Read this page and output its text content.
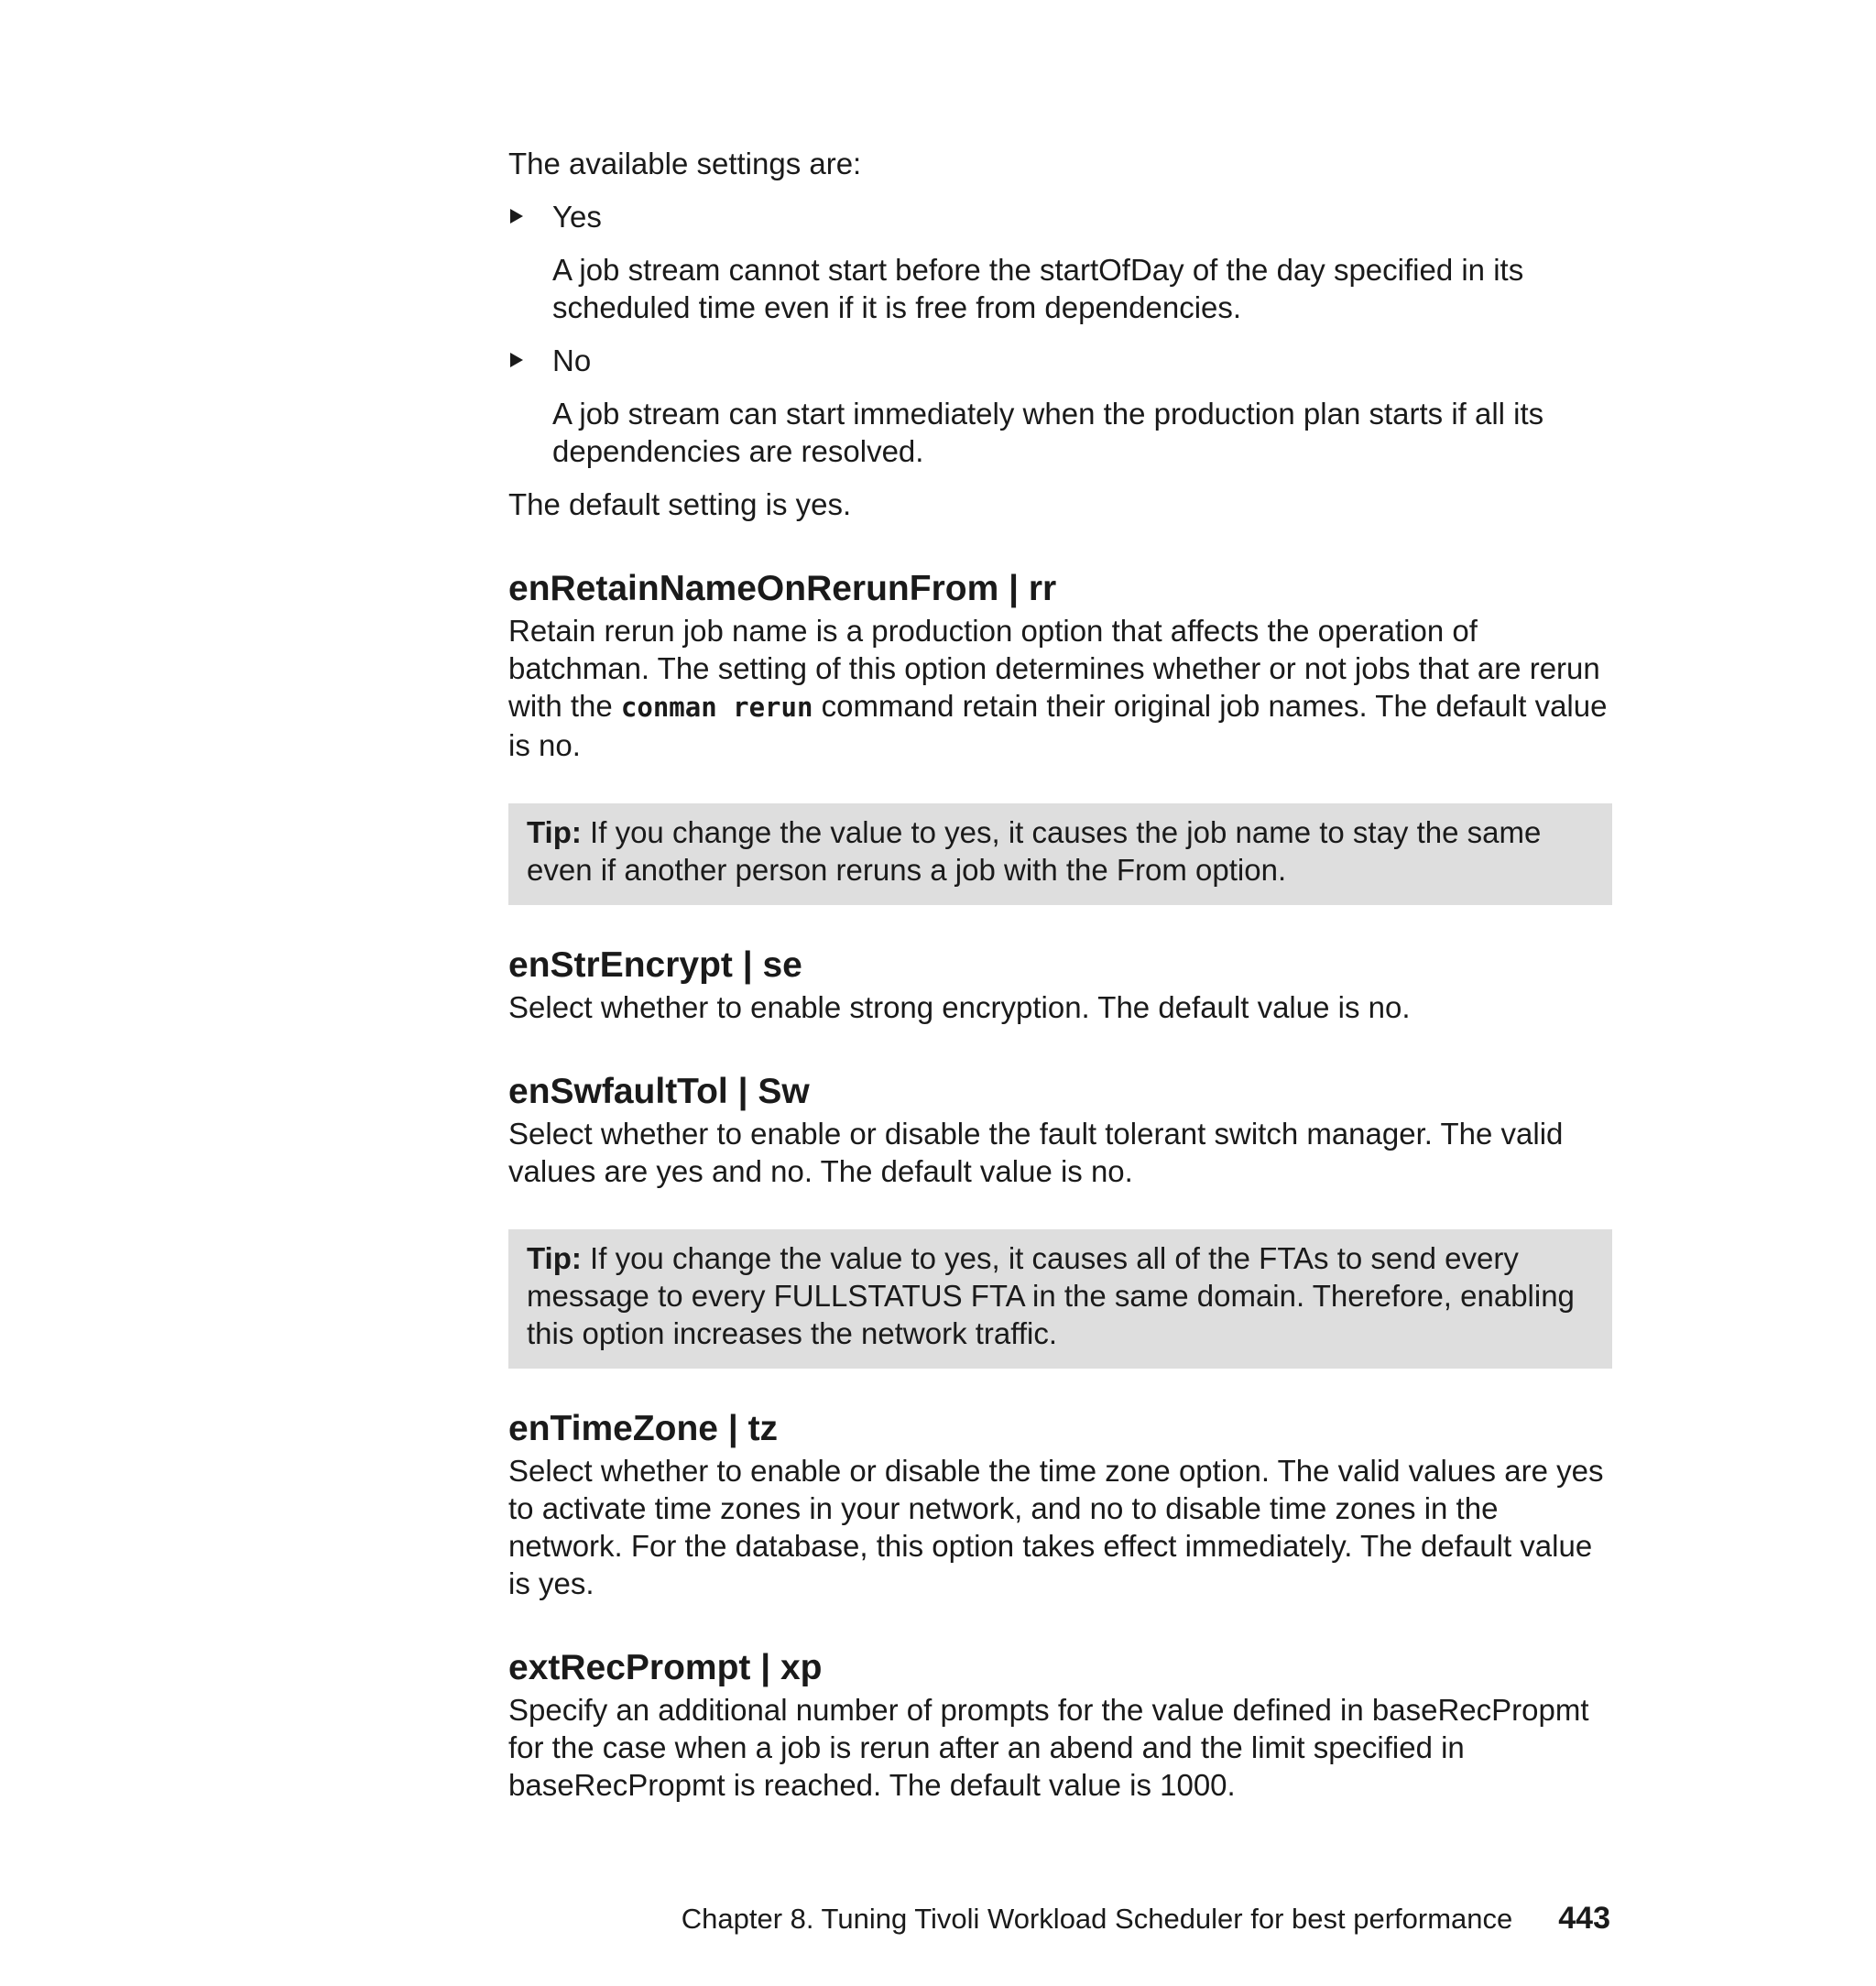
The available settings are:

Yes

A job stream cannot start before the startOfDay of the day specified in its scheduled time even if it is free from dependencies.

No

A job stream can start immediately when the production plan starts if all its dependencies are resolved.

The default setting is yes.

enRetainNameOnRerunFrom | rr

Retain rerun job name is a production option that affects the operation of batchman. The setting of this option determines whether or not jobs that are rerun with the conman rerun command retain their original job names. The default value is no.

Tip: If you change the value to yes, it causes the job name to stay the same even if another person reruns a job with the From option.

enStrEncrypt | se

Select whether to enable strong encryption. The default value is no.

enSwfaultTol | Sw

Select whether to enable or disable the fault tolerant switch manager. The valid values are yes and no. The default value is no.

Tip: If you change the value to yes, it causes all of the FTAs to send every message to every FULLSTATUS FTA in the same domain. Therefore, enabling this option increases the network traffic.

enTimeZone | tz

Select whether to enable or disable the time zone option. The valid values are yes to activate time zones in your network, and no to disable time zones in the network. For the database, this option takes effect immediately. The default value is yes.

extRecPrompt | xp

Specify an additional number of prompts for the value defined in baseRecPropmt for the case when a job is rerun after an abend and the limit specified in baseRecPropmt is reached. The default value is 1000.

Chapter 8. Tuning Tivoli Workload Scheduler for best performance 443
